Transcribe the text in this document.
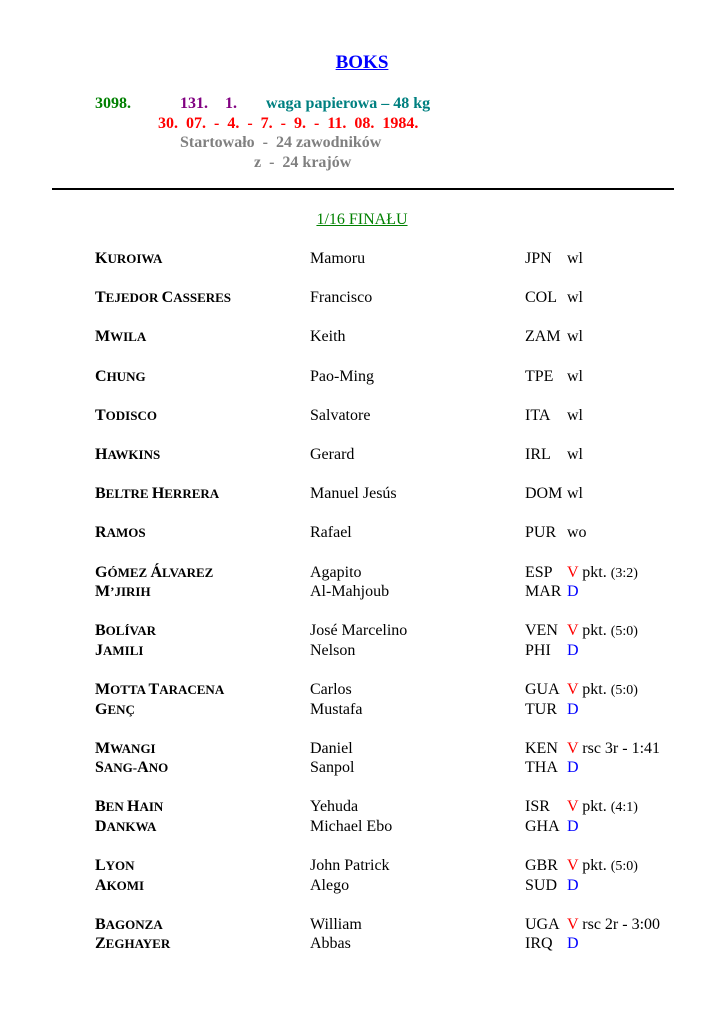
BOKS
3098.	131. 1. waga papierowa – 48 kg
30.  07.  -  4.  -  7.  -  9.  -  11.  08.  1984.
Startowało  -  24 zawodników
z  -  24 krajów
1/16 FINAŁU
KUROIWA	Mamoru	JPN wl
TEJEDOR CASSERES	Francisco	COL wl
MWILA	Keith	ZAM wl
CHUNG	Pao-Ming	TPE wl
TODISCO	Salvatore	ITA wl
HAWKINS	Gerard	IRL wl
BELTRE HERRERA	Manuel Jesús	DOM wl
RAMOS	Rafael	PUR wo
GÓMEZ ÁLVAREZ	Agapito	ESP V pkt. (3:2)
M’JIRIH	Al-Mahjoub	MAR D
BOLÍVAR	José Marcelino	VEN V pkt. (5:0)
JAMILI	Nelson	PHI D
MOTTA TARACENA	Carlos	GUA V pkt. (5:0)
GENÇ	Mustafa	TUR D
MWANGI	Daniel	KEN V rsc 3r - 1:41
SANG-ANO	Sanpol	THA D
BEN HAIN	Yehuda	ISR V pkt. (4:1)
DANKWA	Michael Ebo	GHA D
LYON	John Patrick	GBR V pkt. (5:0)
AKOMI	Alego	SUD D
BAGONZA	William	UGA V rsc 2r - 3:00
ZEGHAYER	Abbas	IRQ D
